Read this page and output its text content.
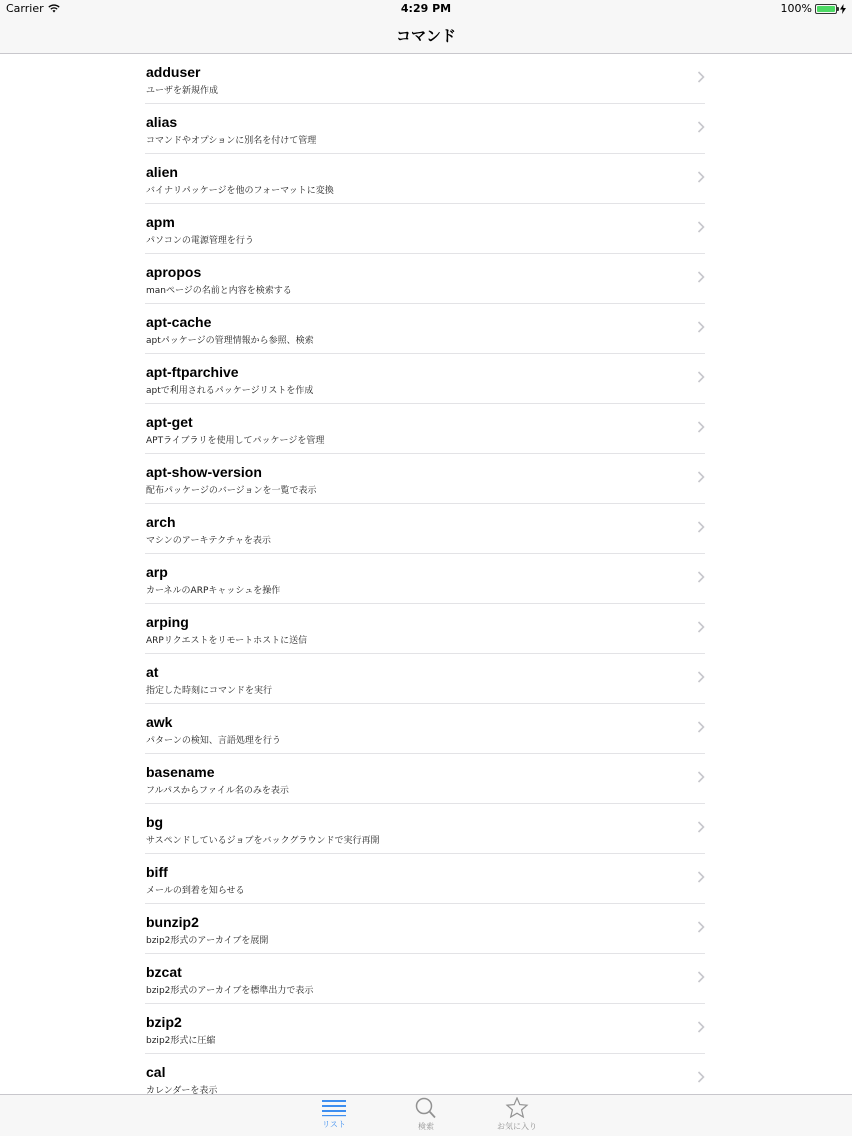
Carrier	4:29 PM	100%
コマンド
adduser
ユーザを新規作成
alias
コマンドやオプションに別名を付けて管理
alien
バイナリパッケージを他のフォーマットに変換
apm
パソコンの電源管理を行う
apropos
manページの名前と内容を検索する
apt-cache
aptパッケージの管理情報から参照、検索
apt-ftparchive
aptで利用されるパッケージリストを作成
apt-get
APTライブラリを使用してパッケージを管理
apt-show-version
配布パッケージのバージョンを一覧で表示
arch
マシンのアーキテクチャを表示
arp
カーネルのARPキャッシュを操作
arping
ARPリクエストをリモートホストに送信
at
指定した時刻にコマンドを実行
awk
パターンの検知、言語処理を行う
basename
フルパスからファイル名のみを表示
bg
サスペンドしているジョブをバックグラウンドで実行再開
biff
メールの到着を知らせる
bunzip2
bzip2形式のアーカイブを展開
bzcat
bzip2形式のアーカイブを標準出力で表示
bzip2
bzip2形式に圧縮
cal
カレンダーを表示
リスト	検索	お気に入り
